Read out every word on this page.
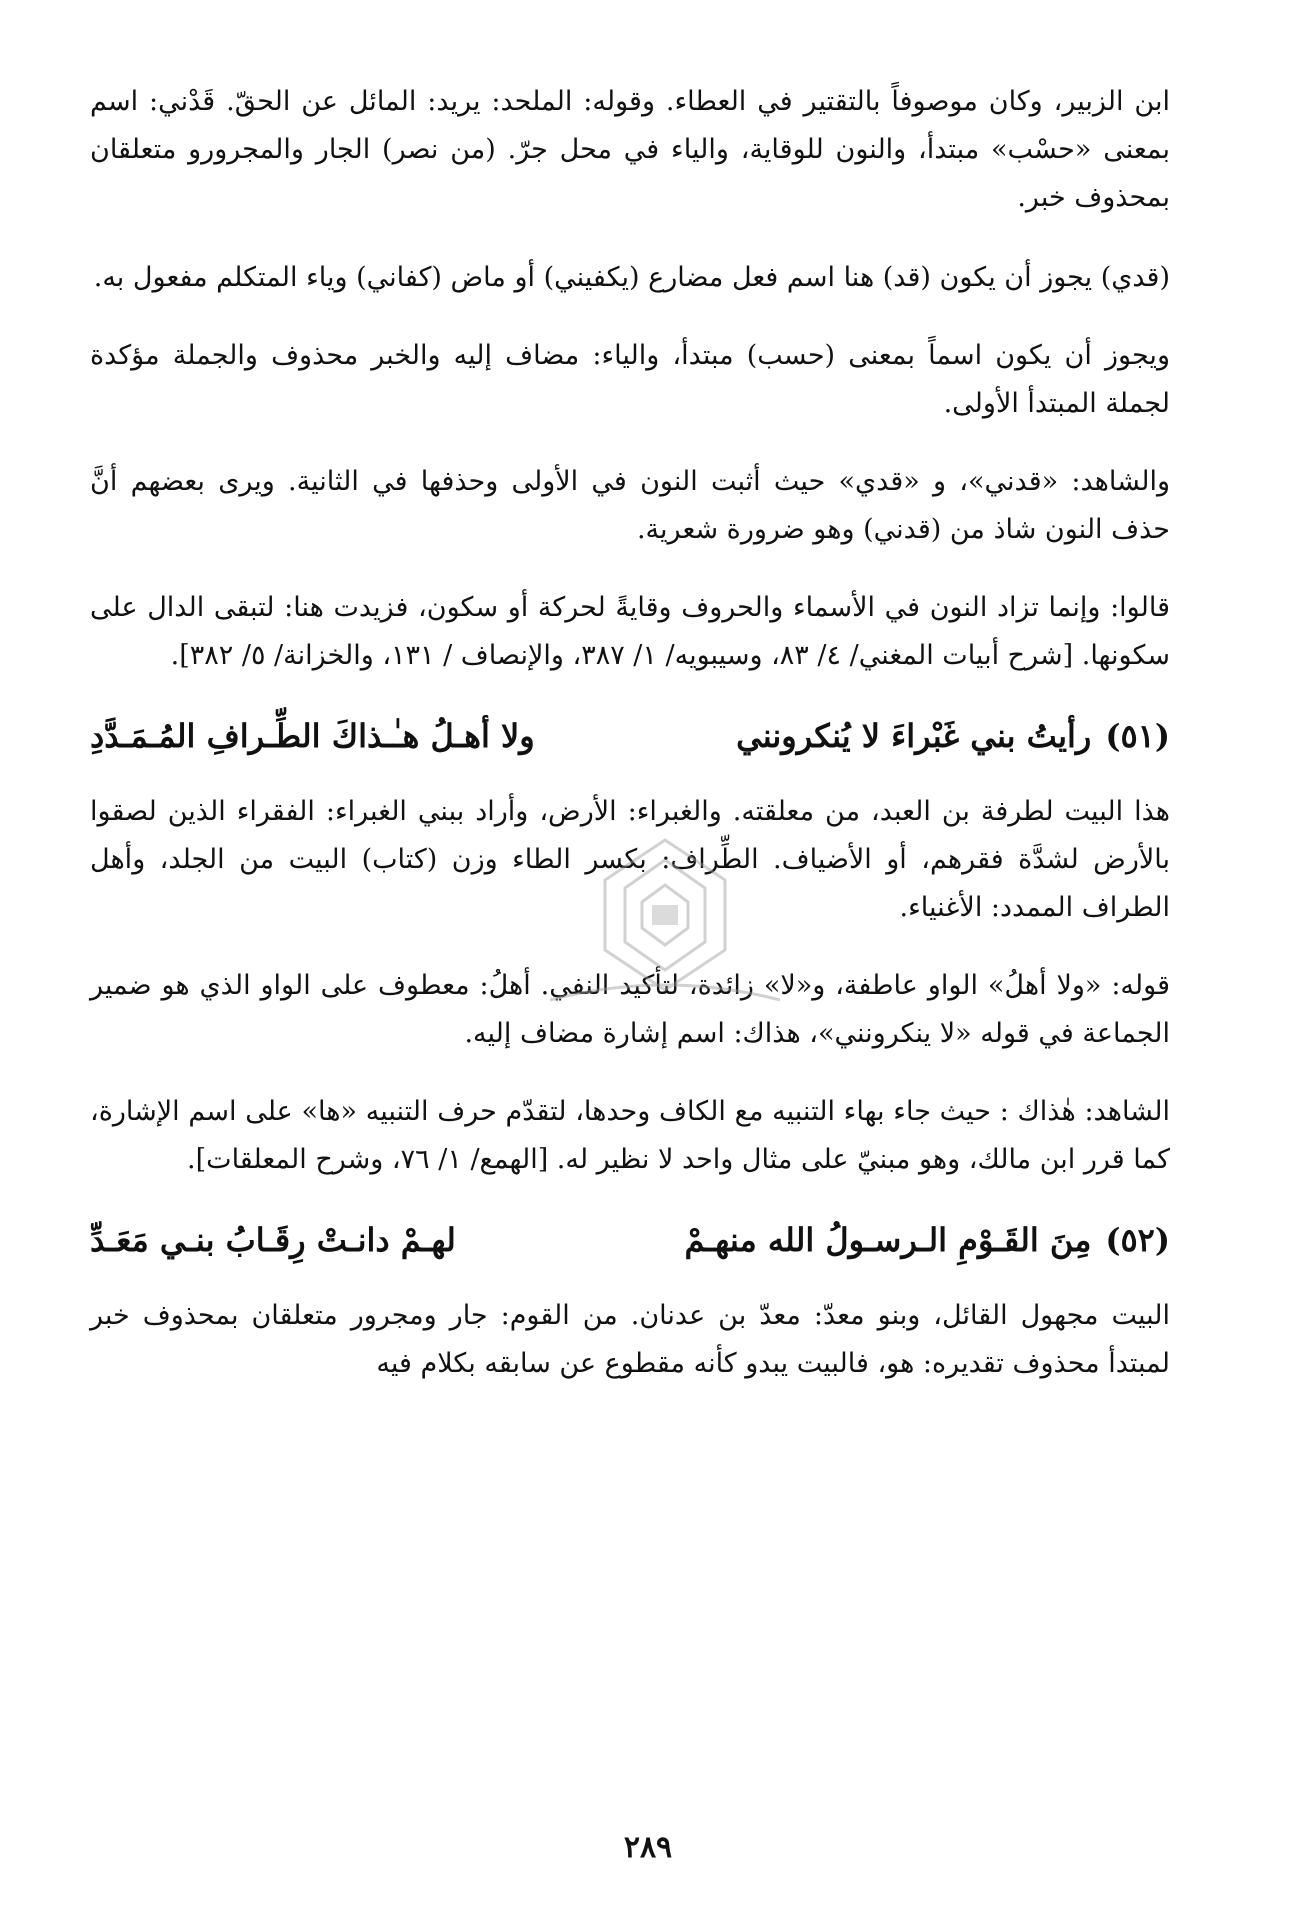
ابن الزبير، وكان موصوفاً بالتقتير في العطاء. وقوله: الملحد: يريد: المائل عن الحقّ. قَدْني: اسم بمعنى «حسْب» مبتدأ، والنون للوقاية، والياء في محل جرّ. (من نصر) الجار والمجرورو متعلقان بمحذوف خبر.

(قدي) يجوز أن يكون (قد) هنا اسم فعل مضارع (يكفيني) أو ماض (كفاني) وياء المتكلم مفعول به.

ويجوز أن يكون اسماً بمعنى (حسب) مبتدأ، والياء: مضاف إليه والخبر محذوف والجملة مؤكدة لجملة المبتدأ الأولى.

والشاهد: «قدني»، و «قدي» حيث أثبت النون في الأولى وحذفها في الثانية. ويرى بعضهم أنَّ حذف النون شاذ من (قدني) وهو ضرورة شعرية.

قالوا: وإنما تزاد النون في الأسماء والحروف وقايةً لحركة أو سكون، فزيدت هنا: لتبقى الدال على سكونها. [شرح أبيات المغني/ ٤/ ٨٣، وسيبويه/ ١/ ٣٨٧، والإنصاف / ١٣١، والخزانة/ ٥/ ٣٨٢].

(٥١)
رأيتُ بني غَبْراءَ لا يُنكرونني
ولا أهـلُ هـٰـذاكَ الطِّـرافِ المُـمَـدَّدِ

هذا البيت لطرفة بن العبد، من معلقته. والغبراء: الأرض، وأراد ببني الغبراء: الفقراء الذين لصقوا بالأرض لشدَّة فقرهم، أو الأضياف. الطِّراف: بكسر الطاء وزن (كتاب) البيت من الجلد، وأهل الطراف الممدد: الأغنياء.

قوله: «ولا أهلُ» الواو عاطفة، و«لا» زائدة، لتأكيد النفي. أهلُ: معطوف على الواو الذي هو ضمير الجماعة في قوله «لا ينكرونني»، هذاك: اسم إشارة مضاف إليه.

الشاهد: هٰذاك : حيث جاء بهاء التنبيه مع الكاف وحدها، لتقدّم حرف التنبيه «ها» على اسم الإشارة، كما قرر ابن مالك، وهو مبنيّ على مثال واحد لا نظير له. [الهمع/ ١/ ٧٦، وشرح المعلقات].

(٥٢)
مِنَ القَـوْمِ الـرسـولُ الله منهـمْ
لهـمْ دانـتْ رِقَـابُ بنـي مَعَـدِّ

البيت مجهول القائل، وبنو معدّ: معدّ بن عدنان. من القوم: جار ومجرور متعلقان بمحذوف خبر لمبتدأ محذوف تقديره: هو، فالبيت يبدو كأنه مقطوع عن سابقه بكلام فيه

٢٨٩
